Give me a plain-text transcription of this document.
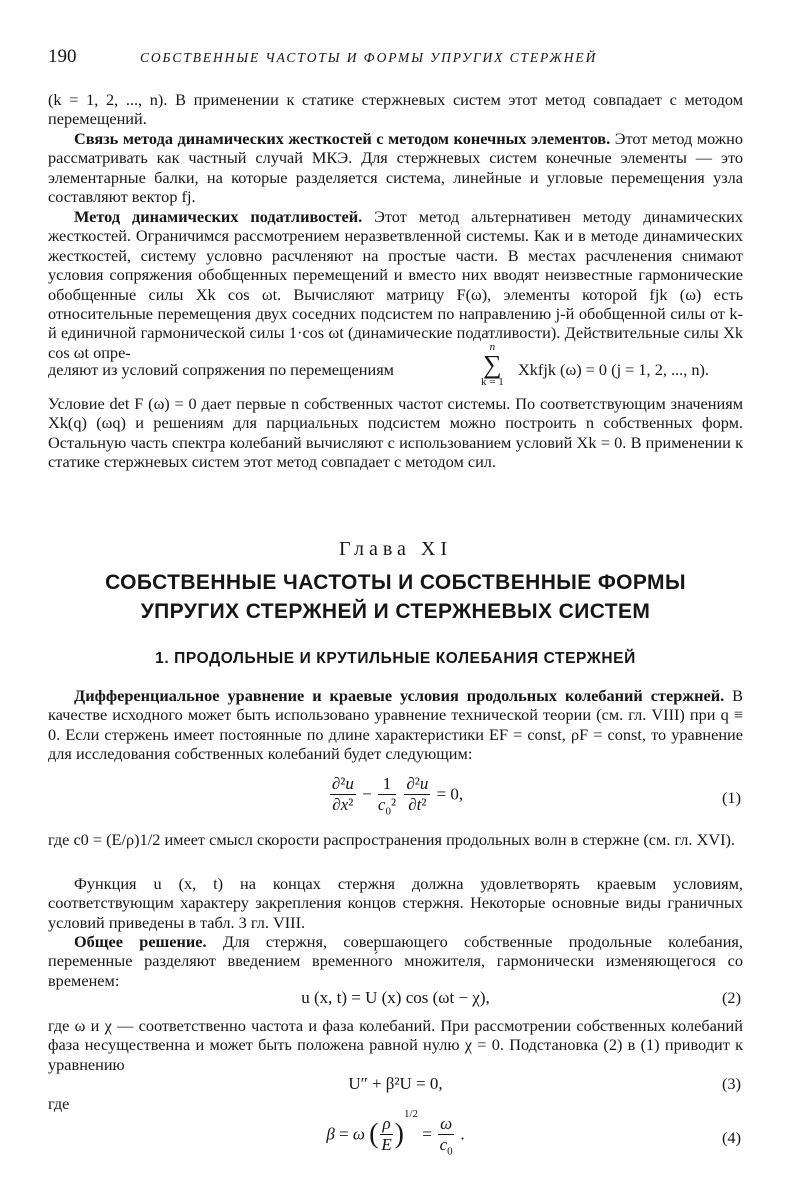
190	СОБСТВЕННЫЕ ЧАСТОТЫ И ФОРМЫ УПРУГИХ СТЕРЖНЕЙ

(k = 1, 2, ..., n). В применении к статике стержневых систем этот метод совпадает с методом перемещений.

Связь метода динамических жесткостей с методом конечных элементов. Этот метод можно рассматривать как частный случай МКЭ. Для стержневых систем конечные элементы — это элементарные балки, на которые разделяется система, линейные и угловые перемещения узла составляют вектор fj.

Метод динамических податливостей. Этот метод альтернативен методу динамических жесткостей. Ограничимся рассмотрением неразветвленной системы. Как и в методе динамических жесткостей, систему условно расчленяют на простые части. В местах расчленения снимают условия сопряжения обобщенных перемещений и вместо них вводят неизвестные гармонические обобщенные силы Xk cos ωt. Вычисляют матрицу F(ω), элементы которой fjk (ω) есть относительные перемещения двух соседних подсистем по направлению j-й обобщенной силы от k-й единичной гармонической силы 1·cos ωt (динамические податливости). Действительные силы Xk cos ωt опре-

деляют из условий сопряжения по перемещениям
n
∑
k = 1
Xkfjk (ω) = 0 (j = 1, 2, ..., n).

Условие det F (ω) = 0 дает первые n собственных частот системы. По соответствующим значениям Xk(q) (ωq) и решениям для парциальных подсистем можно построить n собственных форм. Остальную часть спектра колебаний вычисляют с использованием условий Xk = 0. В применении к статике стержневых систем этот метод совпадает с методом сил.

Глава XI
СОБСТВЕННЫЕ ЧАСТОТЫ И СОБСТВЕННЫЕ ФОРМЫ
УПРУГИХ СТЕРЖНЕЙ И СТЕРЖНЕВЫХ СИСТЕМ
1. ПРОДОЛЬНЫЕ И КРУТИЛЬНЫЕ КОЛЕБАНИЯ СТЕРЖНЕЙ

Дифференциальное уравнение и краевые условия продольных колебаний стержней. В качестве исходного может быть использовано уравнение технической теории (см. гл. VIII) при q ≡ 0. Если стержень имеет постоянные по длине характеристики EF = const, ρF = const, то уравнение для исследования собственных колебаний будет следующим:

$\frac{\text{∂²u}}{\text{∂x²}} - \frac{1}{c_0^2}$
$\frac{\text{∂²u}}{\text{∂t²}} = 0$,	(1)

где c0 = (E/ρ)1/2 имеет смысл скорости распространения продольных волн в стержне (см. гл. XVI).

Функция u (x, t) на концах стержня должна удовлетворять краевым условиям, соответствующим характеру закрепления концов стержня. Некоторые основные виды граничных условий приведены в табл. 3 гл. VIII.

Общее решение. Для стержня, совершающего собственные продольные колебания, переменные разделяют введением временно́го множителя, гармонически изменяющегося со временем:

u (x, t) = U (x) cos (ωt − χ),	(2)

где ω и χ — соответственно частота и фаза колебаний. При рассмотрении собственных колебаний фаза несущественна и может быть положена равной нулю χ = 0. Подстановка (2) в (1) приводит к уравнению

U″ + β²U = 0,	(3)

где

β = ω ( $\frac{\rho}{E} )^{1/2} = \frac{\omega}{c_0}$ .	(4)
